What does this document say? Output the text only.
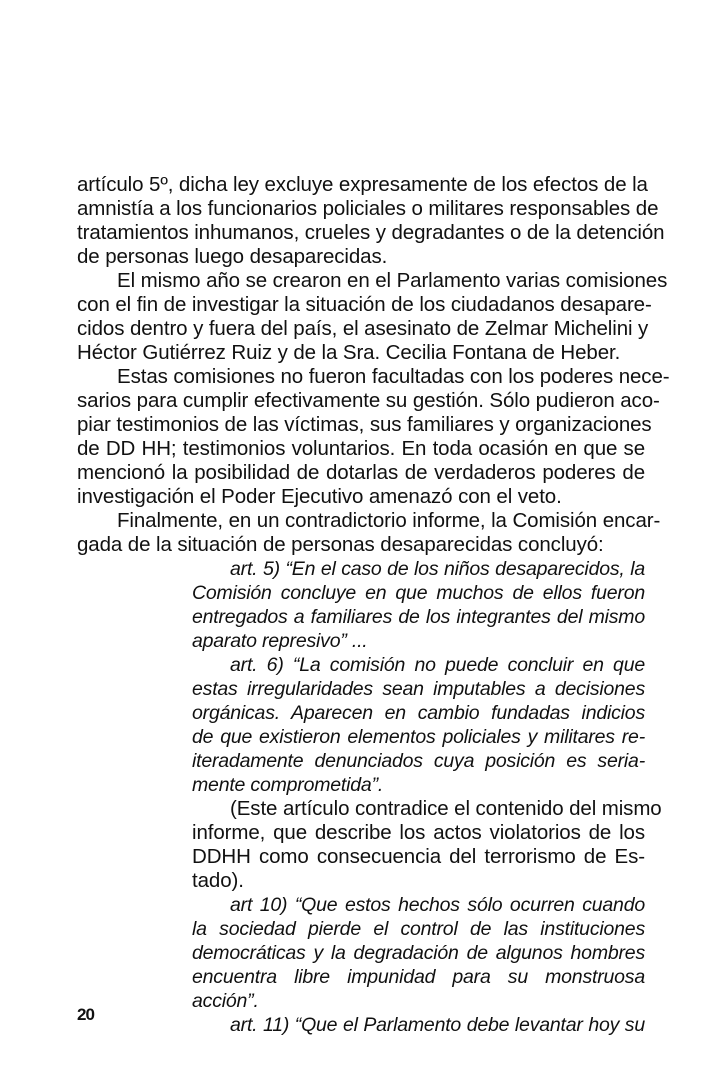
artículo 5º, dicha ley excluye expresamente de los efectos de la
amnistía a los funcionarios policiales o militares responsables de
tratamientos inhumanos, crueles y degradantes o de la detención
de personas luego desaparecidas.
El mismo año se crearon en el Parlamento varias comisiones
con el fin de investigar la situación de los ciudadanos desapare-
cidos dentro y fuera del país, el asesinato de Zelmar Michelini y
Héctor Gutiérrez Ruiz y de la Sra. Cecilia Fontana de Heber.
Estas comisiones no fueron facultadas con los poderes nece-
sarios para cumplir efectivamente su gestión. Sólo pudieron aco-
piar testimonios de las víctimas, sus familiares y organizaciones
de DD HH; testimonios voluntarios. En toda ocasión en que se
mencionó la posibilidad de dotarlas de verdaderos poderes de
investigación el Poder Ejecutivo amenazó con el veto.
Finalmente, en un contradictorio informe, la Comisión encar-
gada de la situación de personas desaparecidas concluyó:
art. 5) “En el caso de los niños desaparecidos, la
Comisión concluye en que muchos de ellos fueron
entregados a familiares de los integrantes del mismo
aparato represivo” ...
art. 6) “La comisión no puede concluir en que
estas irregularidades sean imputables a decisiones
orgánicas. Aparecen en cambio fundadas indicios
de que existieron elementos policiales y militares re-
iteradamente denunciados cuya posición es seria-
mente comprometida”.
(Este artículo contradice el contenido del mismo
informe, que describe los actos violatorios de los
DDHH como consecuencia del terrorismo de Es-
tado).
art 10) “Que estos hechos sólo ocurren cuando
la sociedad pierde el control de las instituciones
democráticas y la degradación de algunos hombres
encuentra libre impunidad para su monstruosa
acción”.
art. 11) “Que el Parlamento debe levantar hoy su
20
